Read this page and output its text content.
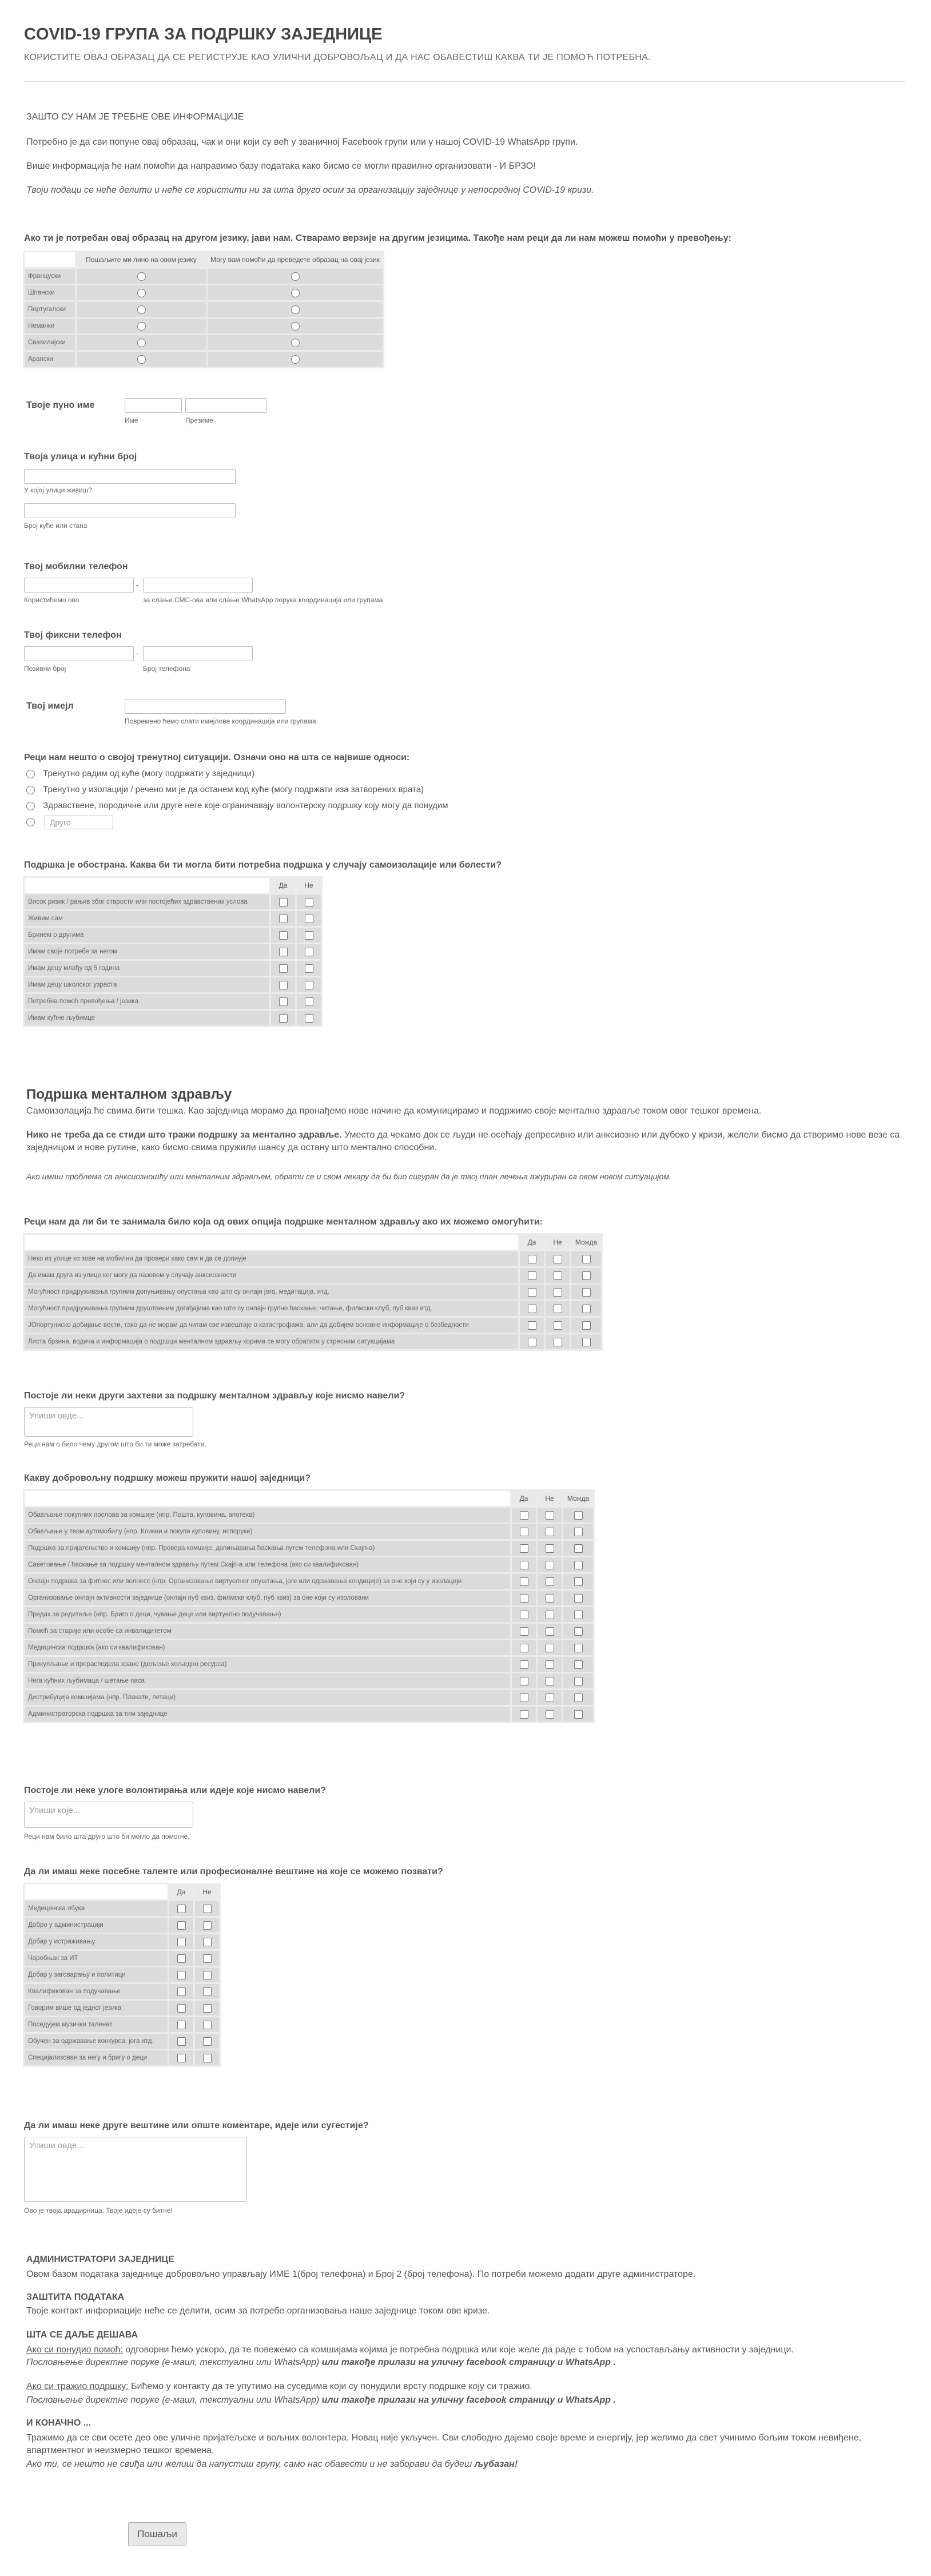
COVID-19 ГРУПА ЗА ПОДРШКУ ЗАЈЕДНИЦЕ
КОРИСТИТЕ ОВАЈ ОБРАЗАЦ ДА СЕ РЕГИСТРУЈЕ КАО УЛИЧНИ ДОБРОВОЉАЦ И ДА НАС ОБАВЕСТИШ КАКВА ТИ ЈЕ ПОМОЋ ПОТРЕБНА.
ЗАШТО СУ НАМ ЈЕ ТРЕБНЕ ОВЕ ИНФОРМАЦИЈЕ
Потребно је да сви попуне овај образац, чак и они који су већ у званичној Facebook групи или у нашој COVID-19 WhatsApp групи.
Више информација ће нам помоћи да направимо базу података како бисмо се могли правилно организовати - И БРЗО!
Твоји подаци се неће делити и неће се користити ни за шта друго осим за организацију заједнице у непосредној COVID-19 кризи.
Ако ти је потребан овај образац на другом језику, јави нам. Стварамо верзије на другим језицима. Такође нам реци да ли нам можеш помоћи у превођењу:
	Пошаљите ми лино на овом језику	Могу вам помоћи да преведете образац на овај језик
Француски		
Шпански		
Португалски		
Немачки		
Свахилијски		
Арапски		
Твоје пуно име
Име	Презиме
Твоја улица и кућни број
У којој улици живиш?
Број куће или стана
Твој мобилни телефон
-
Користићемо ово	за слање СМС-ова или слање WhatsApp порука координација или групама
Твој фиксни телефон
-
Позивни број	Број телефона
Твој имејл
Повремено ћемо слати имејлове координација или групама
Реци нам нешто о својој тренутној ситуацији. Означи оно на шта се највише односи:
Тренутно радим од куће (могу подржати у заједници)
Тренутно у изолацији / речено ми је да останем код куће (могу подржати иза затворених врата)
Здравствене, породичне или друге неге које ограничавају волонтерску подршку коју могу да понудим
Друго
Подршка је обострана. Каква би ти могла бити потребна подршка у случају самоизолације или болести?
	Да	Не
Висок ризик / рањив због старости или постојећих здравствених услова		
Живим сам		
Бринем о другима		
Имам своје потребе за негом		
Имам децу млађу од 5 година		
Имам децу школског узраста		
Потребна помоћ превођења / језика		
Имам кућне љубимце		
Подршка менталном здрављу
Самоизолација ће свима бити тешка. Као заједница морамо да пронађемо нове начине да комуницирамо и подржимо своје ментално здравље током овог тешког времена.
Нико не треба да се стиди што тражи подршку за ментално здравље. Уместо да чекамо док се људи не осећају депресивно или анксиозно или дубоко у кризи, желели бисмо да створимо нове везе са заједницом и нове рутине, како бисмо свима пружили шансу да остану што ментално способни.
Ако имаш проблема са анксиозношћу или менталним здрављем, обрати се и свом лекару да би био сигуран да је твој план лечења ажуриран са овом новом ситуацијом.
Реци нам да ли би те занимала било која од ових опција подршке менталном здрављу ако их можемо омогућити:
	Да	Не	Можда
Неко из улице ко зове на мобилни да провери како сам и да се допиује			
Да имам друга из улице ког могу да назовем у случају анксиозности			
Могућност придруживања групним допуњивању опустања као што су онлајн јога, медитација, итд.			
Могућност придруживања групним друштвеним догађајима као што су онлајн групно ћаскање, читање, филмски клуб, пуб квиз итд.			
ЈОпортуниско добијање вести, тако да не морам да читам све извештаје о катастрофама, али да добијем основне информације о безбедности			
Листа брзина, водича и информација о подршци менталном здрављу корима се могу обратити у стресним ситуацијама			
Постоје ли неки други захтеви за подршку менталном здрављу које нисмо навели?
Упиши овде...
Реци нам о било чему другом што би ти може затребати.
Какву добровољну подршку можеш пружити нашој заједници?
	Да	Не	Можда
Обављање покупних послова за комшије (нпр. Пошта, куповина, апотека)			
Обављање у твом аутомобилу (нпр. Кликни и покупи куповину, испоруке)			
Подршка за пријатељство и комшију (нпр. Провера комшије, допињавања ћаскања путем телефона или Скајп-а)			
Саветовање / ћаскање за подршку менталном здрављу путем Скајп-а или телефона (ако си квалификован)			
Онлајн подршка за фитнес или велнесс (нпр. Организовање виртуелног опуштања, јоге или одржавања кондиције) за оне који су у изолацији			
Организовање онлајн активности заједнице (онлајн пуб квиз, филмски клуб, пуб квиз) за оне који су изоловани			
Предах за родитеље (нпр. Бриго о деци, чување деце или виртуелно подучавање)			
Помоћ за старије или особе са инвалидитетом			
Медицинска подршка (ако си квалификован)			
Прикупљање и прерасподела хране (дељење хољедно ресурса)			
Нега кућних љубимаца / шетање паса			
Дистрибуција комшијама (нпр. Плакати, летаци)			
Администраторска подршка за тим заједнице			
Постоје ли неке улоге волонтирања или идеје које нисмо навели?
Упиши које...
Реци нам било шта друго што би могло да помогне.
Да ли имаш неке посебне таленте или професионалне вештине на које се можемо позвати?
	Да	Не
Медицинска обука		
Добро у администрацији		
Добар у истраживању		
Чаробњак за ИТ		
Добар у заговарању и политици		
Квалификован за подучавање		
Говорим више од једног језика		
Поседујем музички таленат		
Обучен за одржавање конкурса, јога итд.		
Специјализован за негу и бригу о деци		
Да ли имаш неке друге вештине или опште коментаре, идеје или сугестије?
Упиши овде...
Ово је твоја арадирница. Твоје идеје су битне!
АДМИНИСТРАТОРИ ЗАЈЕДНИЦЕ
Овом базом података заједнице добровољно управљају ИМЕ 1(број телефона) и Број 2 (број телефона). По потреби можемо додати друге администраторе.
ЗАШТИТА ПОДАТАКА
Твоје контакт информације неће се делити, осим за потребе организовања наше заједнице током ове кризе.
ШТА СЕ ДАЉЕ ДЕШАВА
Ако си понудио помоћ: одговорни ћемо ускоро, да те повежемо са комшијама којима је потребна подршка или које желе да раде с тобом на успостављању активности у заједници.
Пословњење директне поруке (е-маил, текстуални или WhatsApp) или такође прилази на уличну facebook страницу и WhatsApp .
Ако си тражио подршку: Бићемо у контакту да те упутимо на суседима који су понудили врсту подршке коју си тражио.
Пословњење директне поруке (е-маил, текстуални или WhatsApp) или такође прилази на уличну facebook страницу и WhatsApp .
И КОНАЧНО ...
Тражимо да се сви осете део ове уличне пријатељске и вољних волонтера. Новац није укључен. Сви слободно дајемо своје време и енергију, јер желимо да свет учинимо бољим током невиђене, апартментног и неизмерно тешког времена.
Ако ти, се нешто не свиђа или желиш да напустиш групу, само нас обавести и не заборави да будеш љубазан!
Пошаљи
